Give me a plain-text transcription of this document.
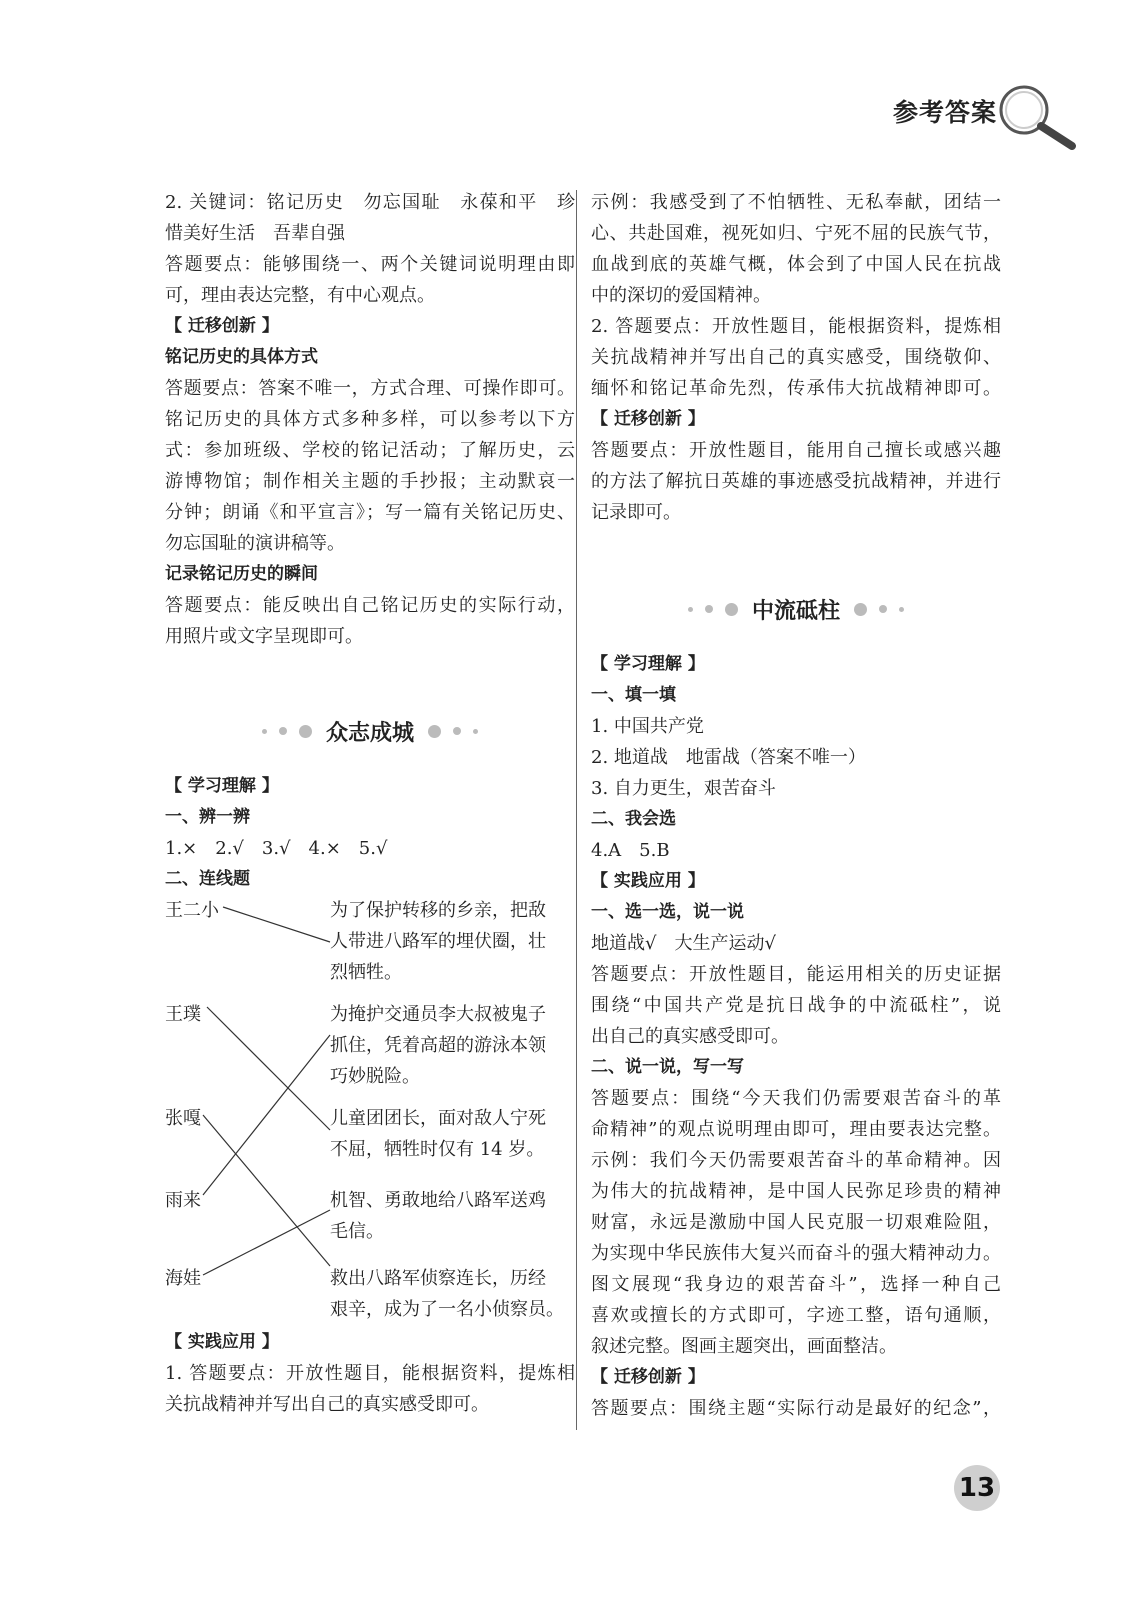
参考答案
2. 关键词：铭记历史　勿忘国耻　永葆和平　珍
惜美好生活　吾辈自强
答题要点：能够围绕一、两个关键词说明理由即
可，理由表达完整，有中心观点。
【 迁移创新 】
铭记历史的具体方式
答题要点：答案不唯一，方式合理、可操作即可。
铭记历史的具体方式多种多样，可以参考以下方
式：参加班级、学校的铭记活动；了解历史，云
游博物馆；制作相关主题的手抄报；主动默哀一
分钟；朗诵《和平宣言》；写一篇有关铭记历史、
勿忘国耻的演讲稿等。
记录铭记历史的瞬间
答题要点：能反映出自己铭记历史的实际行动，
用照片或文字呈现即可。
众志成城
【 学习理解 】
一、辨一辨
1.×　2.√　3.√　4.×　5.√
二、连线题
王二小
王璞
张嘎
雨来
海娃
为了保护转移的乡亲，把敌
人带进八路军的埋伏圈，壮
烈牺牲。
为掩护交通员李大叔被鬼子
抓住，凭着高超的游泳本领
巧妙脱险。
儿童团团长，面对敌人宁死
不屈，牺牲时仅有 14 岁。
机智、勇敢地给八路军送鸡
毛信。
救出八路军侦察连长，历经
艰辛，成为了一名小侦察员。
【 实践应用 】
1. 答题要点：开放性题目，能根据资料，提炼相
关抗战精神并写出自己的真实感受即可。
示例：我感受到了不怕牺牲、无私奉献，团结一
心、共赴国难，视死如归、宁死不屈的民族气节，
血战到底的英雄气概，体会到了中国人民在抗战
中的深切的爱国精神。
2. 答题要点：开放性题目，能根据资料，提炼相
关抗战精神并写出自己的真实感受，围绕敬仰、
缅怀和铭记革命先烈，传承伟大抗战精神即可。
【 迁移创新 】
答题要点：开放性题目，能用自己擅长或感兴趣
的方法了解抗日英雄的事迹感受抗战精神，并进行
记录即可。
中流砥柱
【 学习理解 】
一、填一填
1. 中国共产党
2. 地道战　地雷战（答案不唯一）
3. 自力更生，艰苦奋斗
二、我会选
4.A　5.B
【 实践应用 】
一、选一选，说一说
地道战√　大生产运动√
答题要点：开放性题目，能运用相关的历史证据
围绕“中国共产党是抗日战争的中流砥柱”，说
出自己的真实感受即可。
二、说一说，写一写
答题要点：围绕“今天我们仍需要艰苦奋斗的革
命精神”的观点说明理由即可，理由要表达完整。
示例：我们今天仍需要艰苦奋斗的革命精神。因
为伟大的抗战精神，是中国人民弥足珍贵的精神
财富，永远是激励中国人民克服一切艰难险阻，
为实现中华民族伟大复兴而奋斗的强大精神动力。
图文展现“我身边的艰苦奋斗”，选择一种自己
喜欢或擅长的方式即可，字迹工整，语句通顺，
叙述完整。图画主题突出，画面整洁。
【 迁移创新 】
答题要点：围绕主题“实际行动是最好的纪念”，
13
